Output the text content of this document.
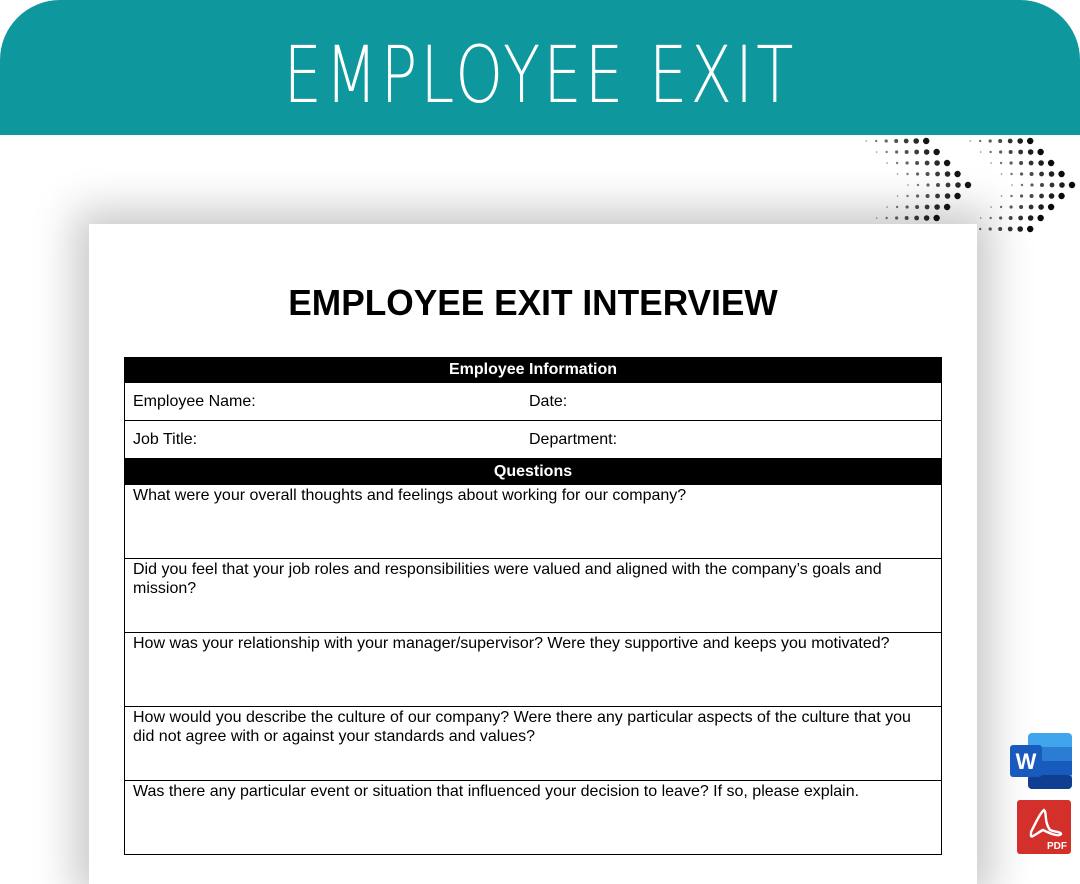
EMPLOYEE EXIT INTERVIEW
EMPLOYEE EXIT INTERVIEW
Employee Information
Employee Name:	Date:
Job Title:	Department:
Questions
What were your overall thoughts and feelings about working for our company?
Did you feel that your job roles and responsibilities were valued and aligned with the company’s goals and mission?
How was your relationship with your manager/supervisor? Were they supportive and keeps you motivated?
How would you describe the culture of our company? Were there any particular aspects of the culture that you did not agree with or against your standards and values?
Was there any particular event or situation that influenced your decision to leave? If so, please explain.
W
PDF
